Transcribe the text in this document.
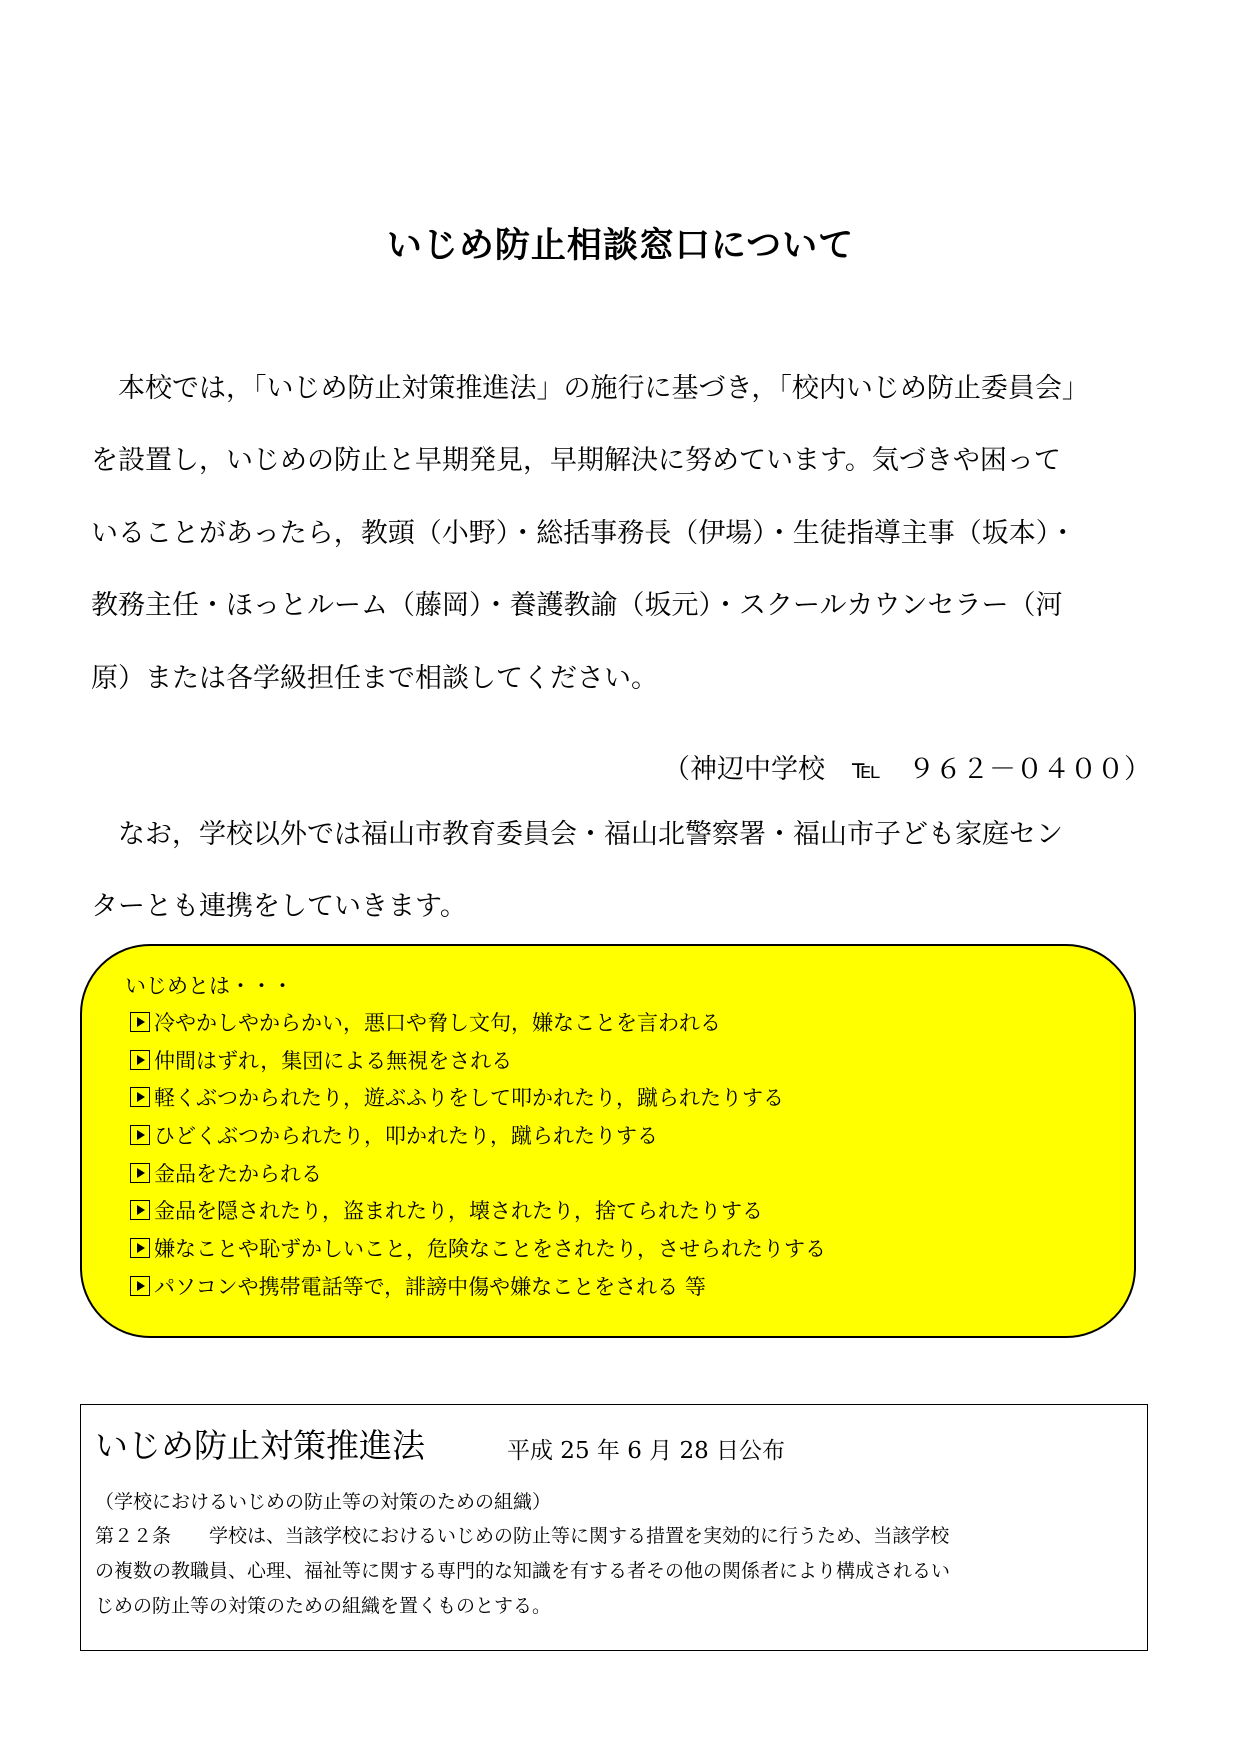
いじめ防止相談窓口について
　本校では，「いじめ防止対策推進法」の施行に基づき，「校内いじめ防止委員会」
を設置し，いじめの防止と早期発見，早期解決に努めています。気づきや困って
いることがあったら，教頭（小野）・総括事務長（伊場）・生徒指導主事（坂本）・
教務主任・ほっとルーム（藤岡）・養護教諭（坂元）・スクールカウンセラー（河
原）または各学級担任まで相談してください。
（神辺中学校　℡　９６２－０４００）
　なお，学校以外では福山市教育委員会・福山北警察署・福山市子ども家庭セン
ターとも連携をしていきます。
いじめとは・・・
冷やかしやからかい，悪口や脅し文句，嫌なことを言われる
仲間はずれ，集団による無視をされる
軽くぶつかられたり，遊ぶふりをして叩かれたり，蹴られたりする
ひどくぶつかられたり，叩かれたり，蹴られたりする
金品をたかられる
金品を隠されたり，盗まれたり，壊されたり，捨てられたりする
嫌なことや恥ずかしいこと，危険なことをされたり，させられたりする
パソコンや携帯電話等で，誹謗中傷や嫌なことをされる 等
いじめ防止対策推進法	平成 25 年 6 月 28 日公布
（学校におけるいじめの防止等の対策のための組織）
第２２条　　学校は、当該学校におけるいじめの防止等に関する措置を実効的に行うため、当該学校
の複数の教職員、心理、福祉等に関する専門的な知識を有する者その他の関係者により構成されるい
じめの防止等の対策のための組織を置くものとする。
